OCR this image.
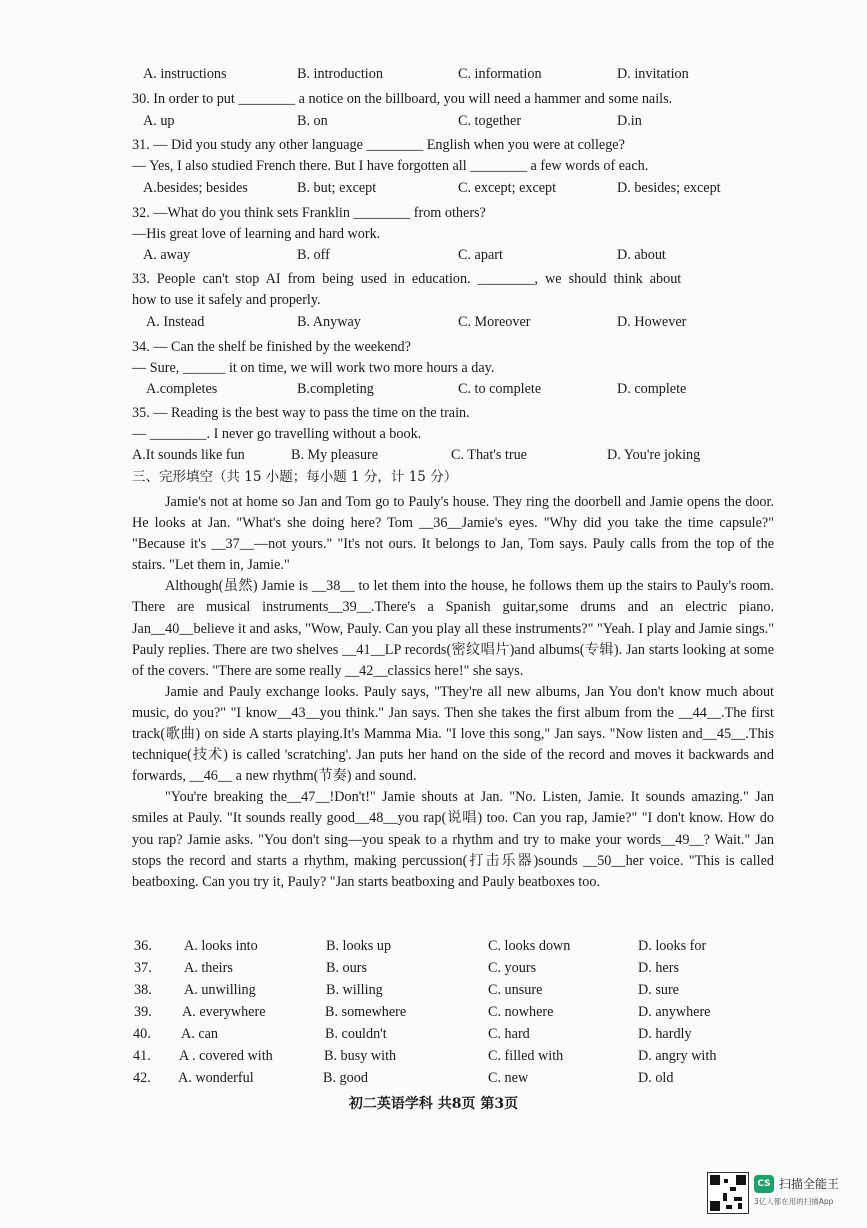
A. instructions	B. introduction	C. information	D. invitation
30. In order to put ________ a notice on the billboard, you will need a hammer and some nails.
A. up	B. on	C. together	D.in
31. — Did you study any other language ________ English when you were at college?
— Yes, I also studied French there. But I have forgotten all ________ a few words of each.
A.besides; besides	B. but; except	C. except; except	D. besides; except
32. —What do you think sets Franklin ________ from others?
—His great love of learning and hard work.
A. away	B. off	C. apart	D. about
33. People can't stop AI from being used in education. ________, we should think about
how to use it safely and properly.
A. Instead	B. Anyway	C. Moreover	D. However
34. — Can the shelf be finished by the weekend?
— Sure, ______ it on time, we will work two more hours a day.
A.completes	B.completing	C. to complete	D. complete
35. — Reading is the best way to pass the time on the train.
— ________. I never go travelling without a book.
A.It sounds like fun	B. My pleasure	C. That's true	D. You're joking
三、完形填空（共 15 小题；每小题 1 分，计 15 分）

Jamie's not at home so Jan and Tom go to Pauly's house. They ring the doorbell and Jamie opens the door. He looks at Jan. "What's she doing here? Tom __36__Jamie's eyes. "Why did you take the time capsule?" "Because it's __37__—not yours." "It's not ours. It belongs to Jan, Tom says. Pauly calls from the top of the stairs. "Let them in, Jamie."

Although(虽然) Jamie is __38__ to let them into the house, he follows them up the stairs to Pauly's room. There are musical instruments__39__.There's a Spanish guitar,some drums and an electric piano. Jan__40__believe it and asks, "Wow, Pauly. Can you play all these instruments?" "Yeah. I play and Jamie sings." Pauly replies. There are two shelves __41__LP records(密纹唱片)and albums(专辑). Jan starts looking at some of the covers. "There are some really __42__classics here!" she says.

Jamie and Pauly exchange looks. Pauly says, "They're all new albums, Jan You don't know much about music, do you?" "I know__43__you think." Jan says. Then she takes the first album from the __44__.The first track(歌曲) on side A starts playing.It's Mamma Mia. "I love this song," Jan says. "Now listen and__45__.This technique(技术) is called 'scratching'. Jan puts her hand on the side of the record and moves it backwards and forwards, __46__ a new rhythm(节奏) and sound.

"You're breaking the__47__!Don't!" Jamie shouts at Jan. "No. Listen, Jamie. It sounds amazing." Jan smiles at Pauly. "It sounds really good__48__you rap(说唱) too. Can you rap, Jamie?" "I don't know. How do you rap? Jamie asks. "You don't sing—you speak to a rhythm and try to make your words__49__? Wait." Jan stops the record and starts a rhythm, making percussion(打击乐器)sounds __50__her voice. "This is called beatboxing. Can you try it, Pauly? "Jan starts beatboxing and Pauly beatboxes too.

36. A. looks into	B. looks up	C. looks down	D. looks for
37. A. theirs	B. ours	C. yours	D. hers
38. A. unwilling	B. willing	C. unsure	D. sure
39. A. everywhere	B. somewhere	C. nowhere	D. anywhere
40. A. can	B. couldn't	C. hard	D. hardly
41. A . covered with	B. busy with	C. filled with	D. angry with
42. A. wonderful	B. good	C. new	D. old
初二英语学科 共8页 第3页
CS 扫描全能王
3亿人都在用的扫描App
